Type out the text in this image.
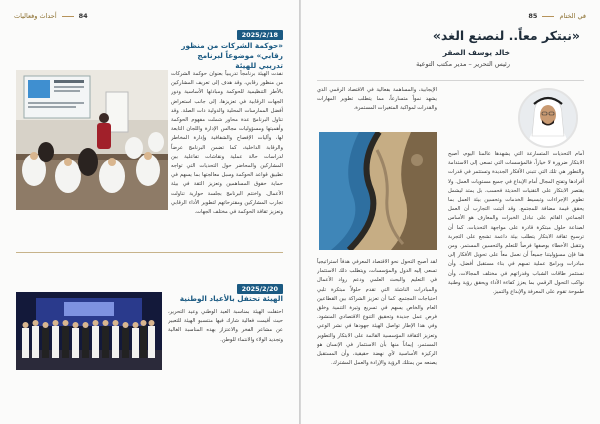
84
أحداث وفعاليات
2025/2/18
«حوكمة الشركات من منظور رقابي» موضوعاً لبرنامج تدريبي للهيئة
نفذت الهيئة برنامجاً تدريبياً بعنوان حوكمة الشركات من منظور رقابي، وقد هدف إلى تعريف المشاركين بالأطر التنظيمية للحوكمة ومبادئها الأساسية ودور الجهات الرقابية في تعزيزها، إلى جانب استعراض أفضل الممارسات المحلية والدولية ذات الصلة. وقد تناول البرنامج عدة محاور شملت مفهوم الحوكمة وأهميتها ومسؤوليات مجالس الإدارة واللجان التابعة لها، وآليات الإفصاح والشفافية وإدارة المخاطر والرقابة الداخلية، كما تضمن البرنامج عرضاً لدراسات حالة عملية ونقاشات تفاعلية بين المشاركين والمحاضر حول التحديات التي تواجه تطبيق قواعد الحوكمة وسبل معالجتها بما يسهم في حماية حقوق المساهمين وتعزيز الثقة في بيئة الأعمال. واختتم البرنامج بجلسة حوارية تناولت تجارب المشاركين ومقترحاتهم لتطوير الأداء الرقابي وتعزيز ثقافة الحوكمة في مختلف الجهات.
2025/2/20
الهيئة تحتفل بالأعياد الوطنية
احتفلت الهيئة بمناسبة العيد الوطني وعيد التحرير، حيث أقيمت فعالية شارك فيها منتسبو الهيئة للتعبير عن مشاعر الفخر والاعتزاز بهذه المناسبة الغالية وتجديد الولاء والانتماء للوطن.
في الختام
85
«نبتكر معاً.. لنصنع الغد»
خالد يوسف الصقر
رئيس التحرير – مدير مكتب التوعية
الإيجابية، والمساهمة بفعالية في الاقتصاد الرقمي الذي يشهد نمواً متسارعاً، مما يتطلب تطوير المهارات والقدرات لمواكبة المتغيرات المستمرة.
لقد أصبح التحول نحو الاقتصاد المعرفي هدفاً استراتيجياً تسعى إليه الدول والمؤسسات، ويتطلب ذلك الاستثمار في التعليم والبحث العلمي ودعم رواد الأعمال والمبادرات الناشئة التي تقدم حلولاً مبتكرة تلبي احتياجات المجتمع. كما أن تعزيز الشراكة بين القطاعين العام والخاص يسهم في تسريع وتيرة التنمية وخلق فرص عمل جديدة وتحقيق التنوع الاقتصادي المنشود. وفي هذا الإطار تواصل الهيئة جهودها في نشر الوعي وتعزيز الثقافة المؤسسية القائمة على الابتكار والتطوير المستمر، إيماناً منها بأن الاستثمار في الإنسان هو الركيزة الأساسية لأي نهضة حقيقية، وأن المستقبل يصنعه من يمتلك الرؤية والإرادة والعمل المشترك.
أمام التحديات المتسارعة التي يشهدها عالمنا اليوم، أصبح الابتكار ضرورة لا خياراً، فالمؤسسات التي تسعى إلى الاستدامة والتطور هي تلك التي تتبنى الأفكار الجديدة وتستثمر في قدرات أفرادها وتفتح المجال أمام الإبداع في جميع مستويات العمل. ولا يقتصر الابتكار على التقنيات الحديثة فحسب، بل يمتد ليشمل تطوير الإجراءات وتبسيط الخدمات وتحسين بيئة العمل بما يحقق قيمة مضافة للمجتمع. وقد أثبتت التجارب أن العمل الجماعي القائم على تبادل الخبرات والمعارف هو الأساس لصناعة حلول مبتكرة قادرة على مواجهة التحديات، كما أن ترسيخ ثقافة الابتكار يتطلب بيئة داعمة تشجع على التجربة وتتقبل الأخطاء بوصفها فرصاً للتعلم والتحسين المستمر. ومن هنا فإن مسؤوليتنا جميعاً أن نعمل معاً على تحويل الأفكار إلى مبادرات وبرامج عملية تسهم في بناء مستقبل أفضل، وأن نستثمر طاقات الشباب وقدراتهم في مختلف المجالات، وأن نواكب التحول الرقمي بما يعزز كفاءة الأداء ويحقق رؤية وطنية طموحة تقوم على المعرفة والإبداع والتميز.
